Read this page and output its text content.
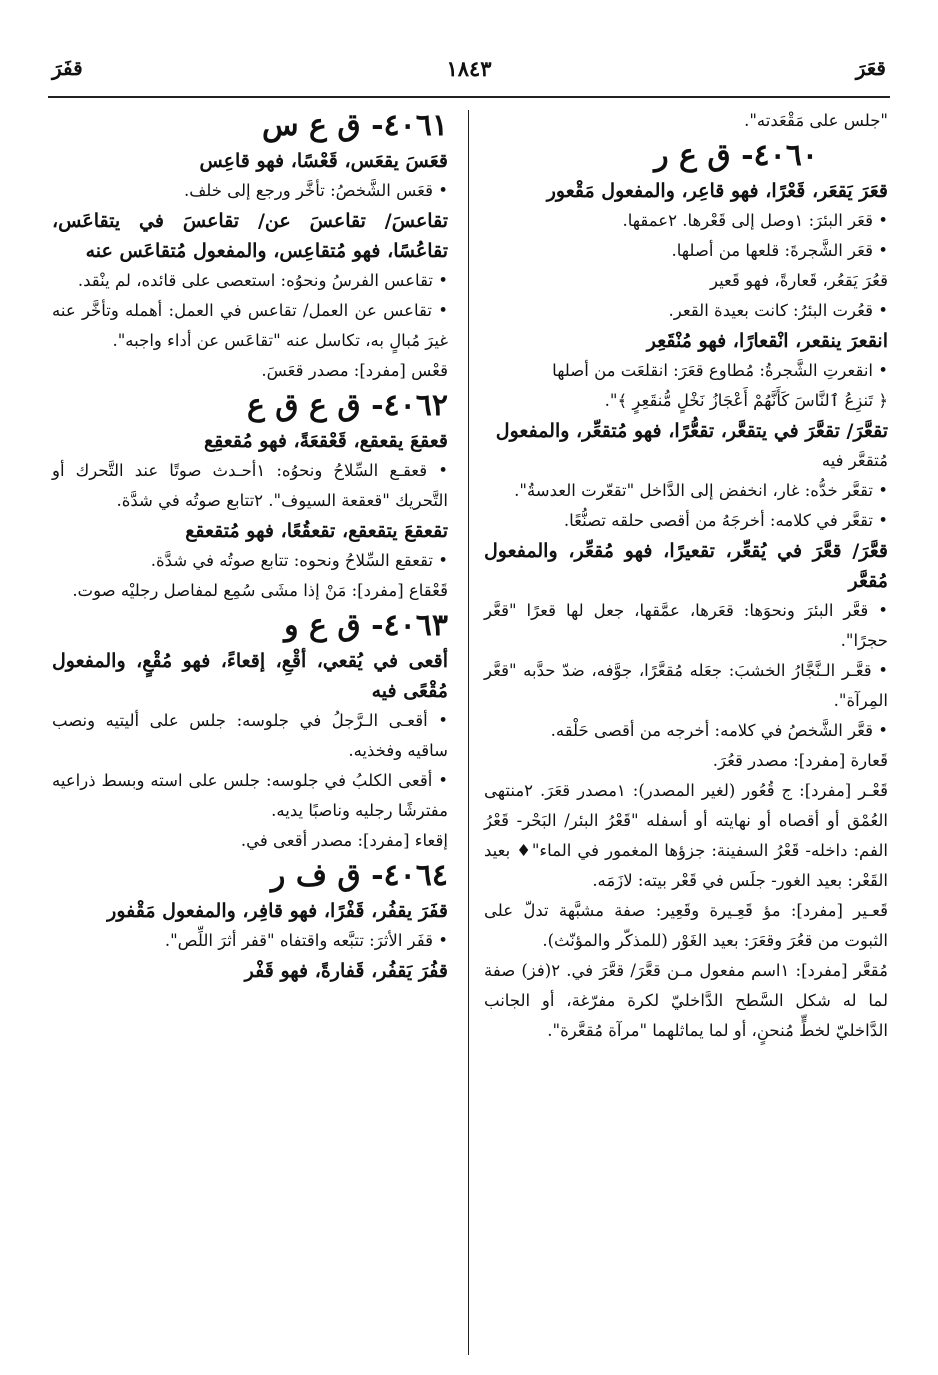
قعَرَ
١٨٤٣
قفَرَ

"جلس على مَقْعَدته".

٤٠٦٠- ق ع ر

قعَرَ يَقعَر، قَعْرًا، فهو قاعِر، والمفعول مَقْعور

• قعَر البئرَ: ١وصل إلى قَعْرها. ٢عمقها.

• قعَر الشَّجرةَ: قلعها من أصلها.

قعُرَ يَقعُر، قَعارةً، فهو قَعير

• قعُرت البئرُ: كانت بعيدة القعر.

انقعرَ ينقعر، انْقعارًا، فهو مُنْقَعِر

• انقعرتِ الشَّجرةُ: مُطاوع قعَرَ: انقلعَت من أصلها

﴿ تَنزِعُ ٱلنَّاسَ كَأَنَّهُمْ أَعْجَازُ نَخْلٍ مُّنقَعِرٍ ﴾".

تقعَّرَ/ تقعَّرَ في يتقعَّر، تقعُّرًا، فهو مُتقعِّر، والمفعول

مُتقعَّر فيه

• تقعَّر خدُّه: غار، انخفض إلى الدَّاخل "تقعّرت العدسةُ".

• تقعَّر في كلامه: أخرجَهُ من أقصى حلقه تصنُّعًا.

قعَّرَ/ قعَّرَ في يُقعِّر، تقعيرًا، فهو مُقعِّر، والمفعول مُقعَّر

• قعَّر البئرَ ونحوَها: قعَرها، عمَّقها، جعل لها قعرًا "قعَّر حجرًا".

• قعَّـر الـنَّجَّارُ الخشبَ: جعَله مُقعَّرًا، جوَّفه، ضدّ حدَّبه "قعَّر المِرآة".

• قعَّر الشَّخصُ في كلامه: أخرجه من أقصى حَلْقه.

قَعارة [مفرد]: مصدر قعُرَ.

قَعْـر [مفرد]: ج قُعُور (لغير المصدر): ١مصدر قعَرَ. ٢منتهى العُمْق أو أقصاه أو نهايته أو أسفله "قَعْرُ البئر/ البَحْر- قَعْرُ الفم: داخله- قَعْرُ السفينة: جزؤها المغمور في الماء"♦ بعيد القَعْر: بعيد الغور- جلَس في قَعْر بيته: لازَمَه.

قَعـير [مفرد]: مؤ قَعِـيرة وقَعِير: صفة مشبَّهة تدلّ على الثبوت من قعُرَ وقعَرَ: بعيد الغَوْر (للمذكّر والمؤنّث).

مُقعَّر [مفرد]: ١اسم مفعول مـن قعَّرَ/ قعَّرَ في. ٢(فز) صفة لما له شكل السَّطح الدَّاخليّ لكرة مفرّغة، أو الجانب الدَّاخليّ لخطٍّ مُنحنٍ، أو لما يماثلهما "مرآة مُقعَّرة".

٤٠٦١- ق ع س

قعَسَ يقعَس، قَعْسًا، فهو قاعِس

• قعَس الشَّخصُ: تأخَّر ورجع إلى خلف.

تقاعسَ/ تقاعسَ عن/ تقاعسَ في يتقاعَس، تقاعُسًا، فهو مُتقاعِس، والمفعول مُتقاعَس عنه

• تقاعس الفرسُ ونحوُه: استعصى على قائده، لم ينْقد.

• تقاعس عن العمل/ تقاعس في العمل: أهمله وتأخَّر عنه غيرَ مُبالٍ به، تكاسل عنه "تقاعَس عن أداء واجبه".

قعْس [مفرد]: مصدر قعَسَ.

٤٠٦٢- ق ع ق ع

قعقعَ يقعقع، قَعْقعَةً، فهو مُقعقِع

• قعقـع السِّلاحُ ونحوُه: ١أحـدث صوتًا عند التَّحرك أو التَّحريك "قعقعة السيوف". ٢تتابع صوتُه في شدَّة.

تقعقعَ يتقعقع، تقعقُعًا، فهو مُتقعقع

• تقعقع السِّلاحُ ونحوه: تتابع صوتُه في شدَّة.

قَعْقاع [مفرد]: مَنْ إذا مشَى سُمِع لمفاصل رجليْه صوت.

٤٠٦٣- ق ع و

أقعى في يُقعي، أقْعِ، إقعاءً، فهو مُقْعٍ، والمفعول مُقْعًى فيه

• أقعـى الـرَّجلُ في جلوسه: جلس على أليتيه ونصب ساقيه وفخذيه.

• أقعى الكلبُ في جلوسه: جلس على استه وبسط ذراعيه مفترشًا رجليه وناصبًا يديه.

إقعاء [مفرد]: مصدر أقعى في.

٤٠٦٤- ق ف ر

قفَرَ يقفُر، قَفْرًا، فهو قافِر، والمفعول مَقْفور

• قفَر الأثرَ: تتبَّعه واقتفاه "قفر أثرَ اللِّص".

قفُرَ يَقفُر، قَفارةً، فهو قَفْر
